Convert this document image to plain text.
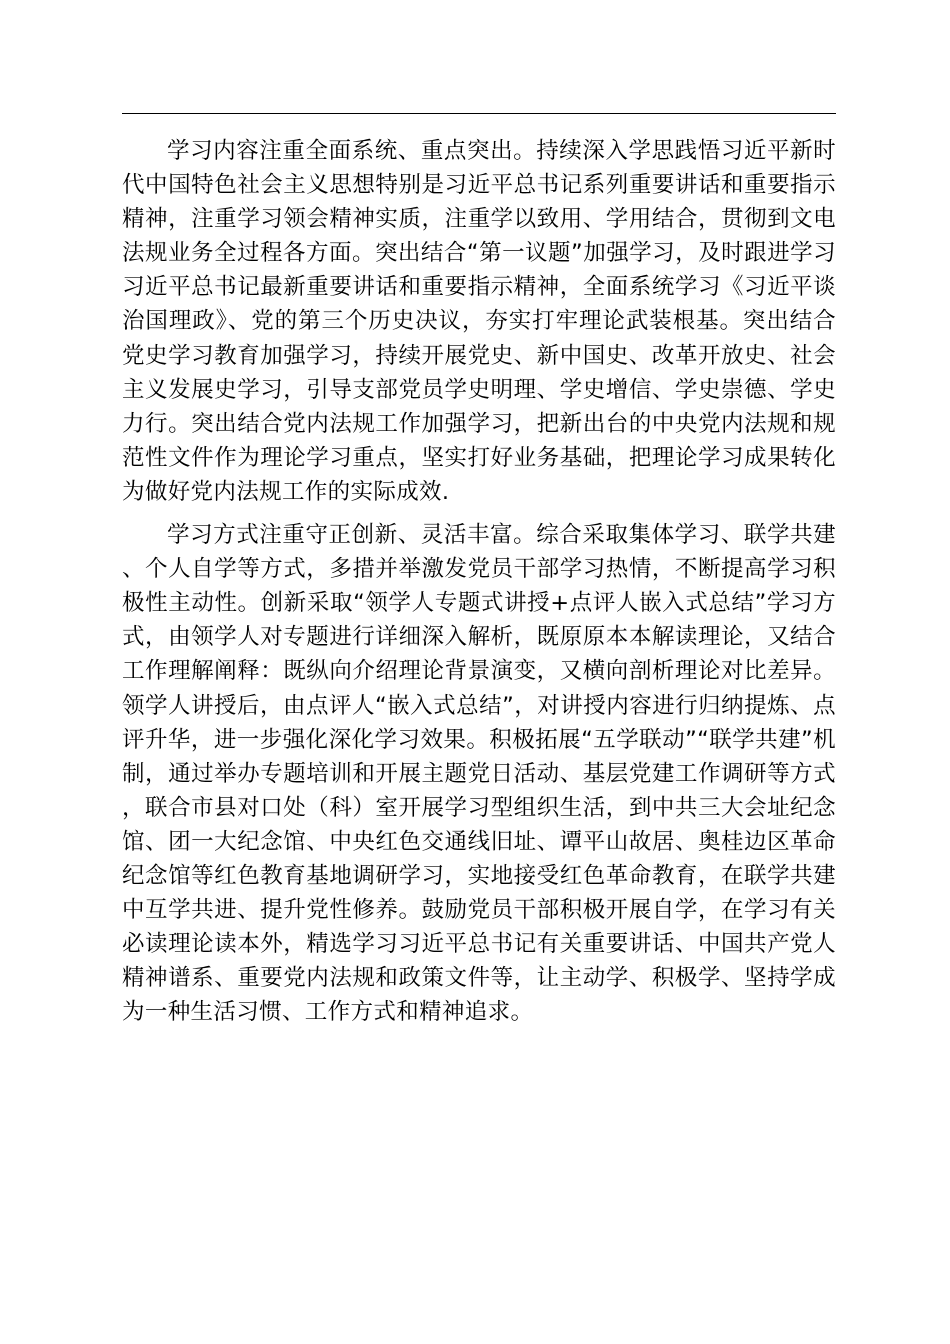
学习内容注重全面系统、重点突出。持续深入学思践悟习近平新时代中国特色社会主义思想特别是习近平总书记系列重要讲话和重要指示精神，注重学习领会精神实质，注重学以致用、学用结合，贯彻到文电法规业务全过程各方面。突出结合“第一议题”加强学习，及时跟进学习习近平总书记最新重要讲话和重要指示精神，全面系统学习《习近平谈治国理政》、党的第三个历史决议，夯实打牢理论武装根基。突出结合党史学习教育加强学习，持续开展党史、新中国史、改革开放史、社会主义发展史学习，引导支部党员学史明理、学史增信、学史崇德、学史力行。突出结合党内法规工作加强学习，把新出台的中央党内法规和规范性文件作为理论学习重点，坚实打好业务基础，把理论学习成果转化为做好党内法规工作的实际成效.

学习方式注重守正创新、灵活丰富。综合采取集体学习、联学共建、个人自学等方式，多措并举激发党员干部学习热情，不断提高学习积极性主动性。创新采取“领学人专题式讲授+点评人嵌入式总结”学习方式，由领学人对专题进行详细深入解析，既原原本本解读理论，又结合工作理解阐释：既纵向介绍理论背景演变，又横向剖析理论对比差异。领学人讲授后，由点评人“嵌入式总结”，对讲授内容进行归纳提炼、点评升华，进一步强化深化学习效果。积极拓展“五学联动”“联学共建”机制，通过举办专题培训和开展主题党日活动、基层党建工作调研等方式，联合市县对口处（科）室开展学习型组织生活，到中共三大会址纪念馆、团一大纪念馆、中央红色交通线旧址、谭平山故居、奥桂边区革命纪念馆等红色教育基地调研学习，实地接受红色革命教育，在联学共建中互学共进、提升党性修养。鼓励党员干部积极开展自学，在学习有关必读理论读本外，精选学习习近平总书记有关重要讲话、中国共产党人精神谱系、重要党内法规和政策文件等，让主动学、积极学、坚持学成为一种生活习惯、工作方式和精神追求。
